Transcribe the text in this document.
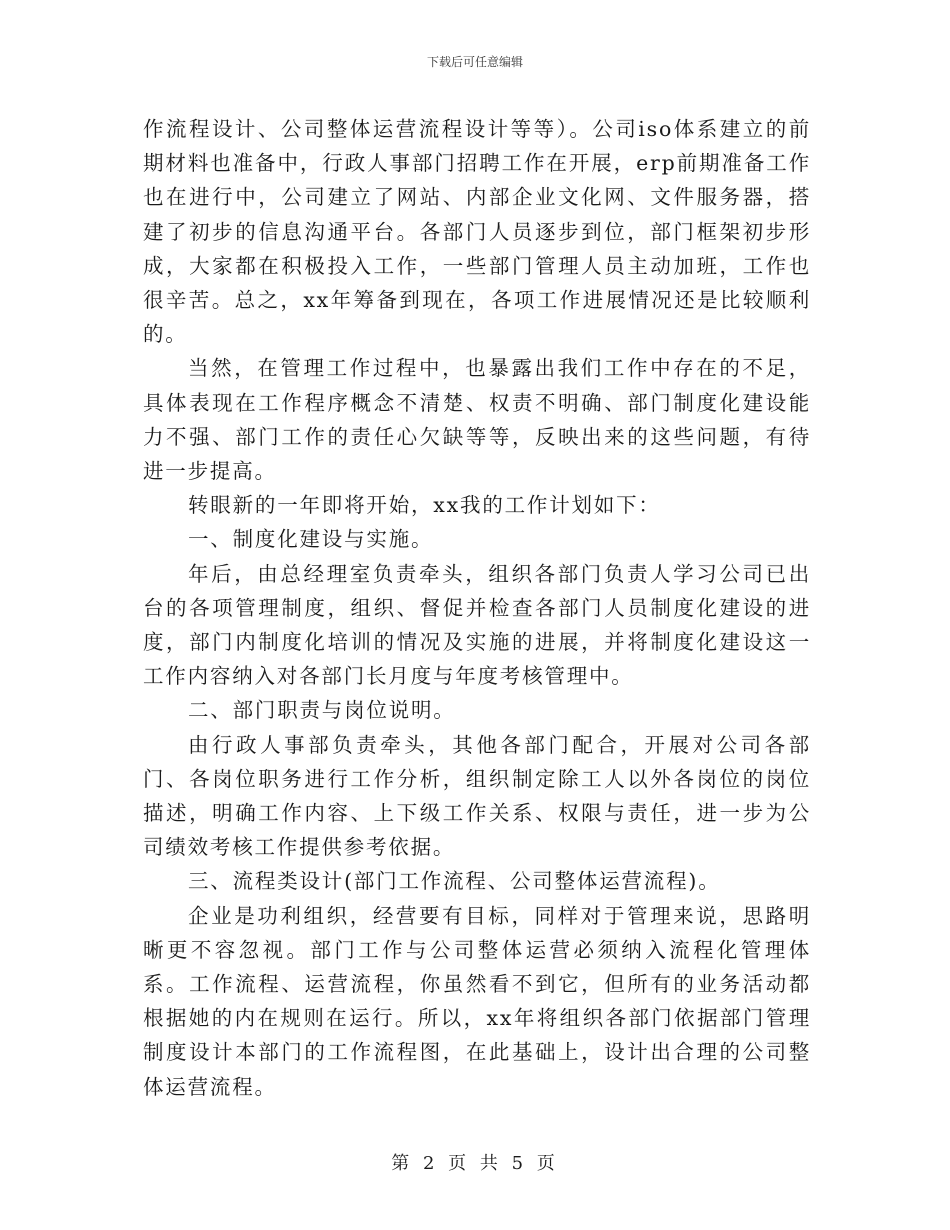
下载后可任意编辑

作流程设计、公司整体运营流程设计等等）。公司iso体系建立的前期材料也准备中，行政人事部门招聘工作在开展，erp前期准备工作也在进行中，公司建立了网站、内部企业文化网、文件服务器，搭建了初步的信息沟通平台。各部门人员逐步到位，部门框架初步形成，大家都在积极投入工作，一些部门管理人员主动加班，工作也很辛苦。总之，xx年筹备到现在，各项工作进展情况还是比较顺利的。

当然，在管理工作过程中，也暴露出我们工作中存在的不足，具体表现在工作程序概念不清楚、权责不明确、部门制度化建设能力不强、部门工作的责任心欠缺等等，反映出来的这些问题，有待进一步提高。

转眼新的一年即将开始，xx我的工作计划如下：

一、制度化建设与实施。

年后，由总经理室负责牵头，组织各部门负责人学习公司已出台的各项管理制度，组织、督促并检查各部门人员制度化建设的进度，部门内制度化培训的情况及实施的进展，并将制度化建设这一工作内容纳入对各部门长月度与年度考核管理中。

二、部门职责与岗位说明。

由行政人事部负责牵头，其他各部门配合，开展对公司各部门、各岗位职务进行工作分析，组织制定除工人以外各岗位的岗位描述，明确工作内容、上下级工作关系、权限与责任，进一步为公司绩效考核工作提供参考依据。

三、流程类设计(部门工作流程、公司整体运营流程)。

企业是功利组织，经营要有目标，同样对于管理来说，思路明晰更不容忽视。部门工作与公司整体运营必须纳入流程化管理体系。工作流程、运营流程，你虽然看不到它，但所有的业务活动都根据她的内在规则在运行。所以，xx年将组织各部门依据部门管理制度设计本部门的工作流程图，在此基础上，设计出合理的公司整体运营流程。

第 2 页 共 5 页
